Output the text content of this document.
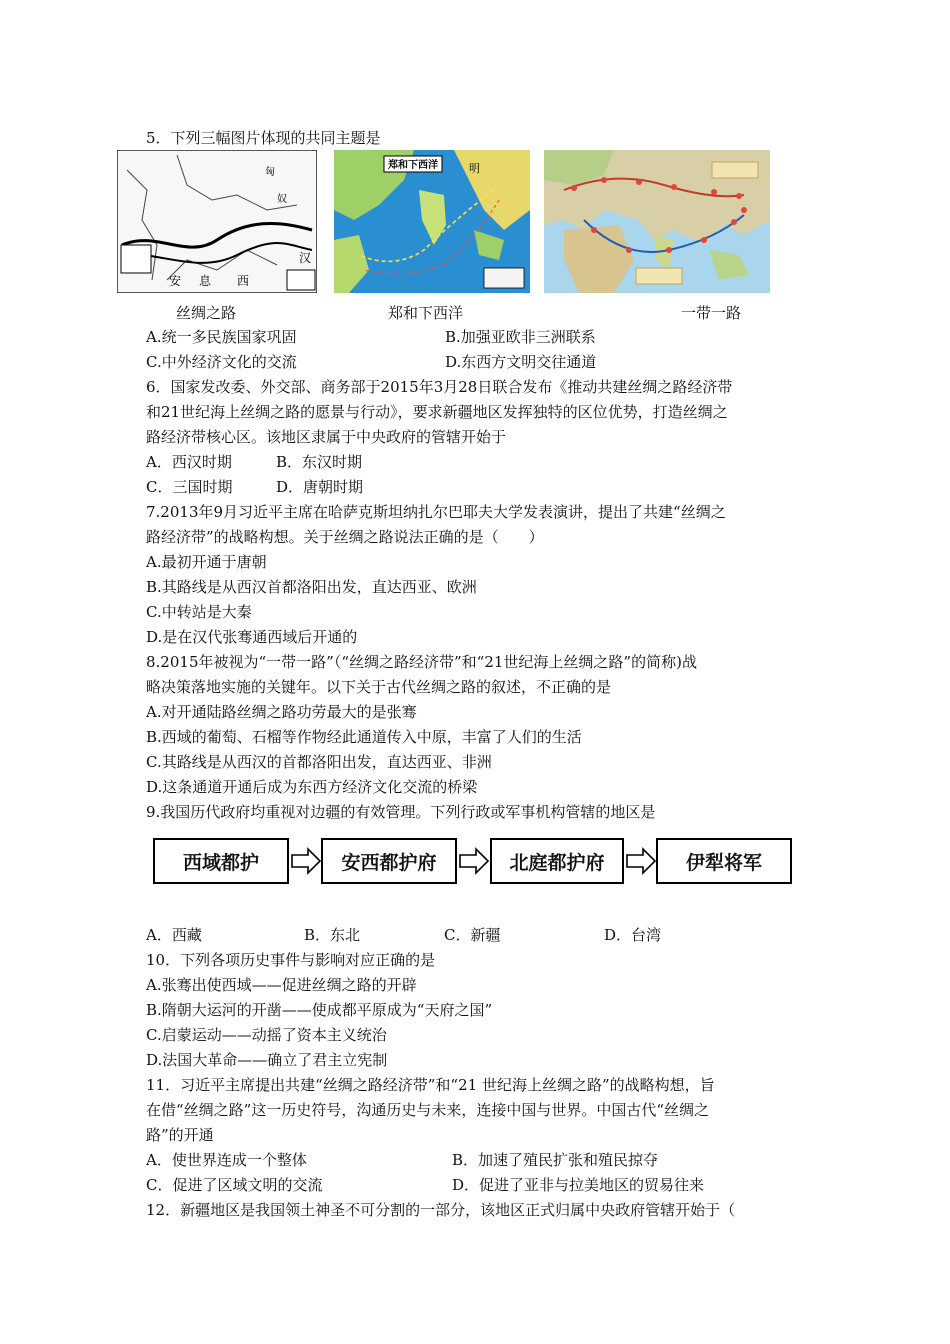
5．下列三幅图片体现的共同主题是
匈
奴
安 息 西
汉
郑和下西洋	明
丝绸之路	郑和下西洋	一带一路
A.统一多民族国家巩固	B.加强亚欧非三洲联系
C.中外经济文化的交流	D.东西方文明交往通道
6．国家发改委、外交部、商务部于2015年3月28日联合发布《推动共建丝绸之路经济带
和21世纪海上丝绸之路的愿景与行动》，要求新疆地区发挥独特的区位优势，打造丝绸之
路经济带核心区。该地区隶属于中央政府的管辖开始于
A．西汉时期	B．东汉时期
C．三国时期	D．唐朝时期
7.2013年9月习近平主席在哈萨克斯坦纳扎尔巴耶夫大学发表演讲，提出了共建“丝绸之
路经济带”的战略构想。关于丝绸之路说法正确的是（　　）
A.最初开通于唐朝
B.其路线是从西汉首都洛阳出发，直达西亚、欧洲
C.中转站是大秦
D.是在汉代张骞通西域后开通的
8.2015年被视为“一带一路”（“丝绸之路经济带”和“21世纪海上丝绸之路”的简称)战
略决策落地实施的关键年。以下关于古代丝绸之路的叙述，不正确的是
A.对开通陆路丝绸之路功劳最大的是张骞
B.西域的葡萄、石榴等作物经此通道传入中原，丰富了人们的生活
C.其路线是从西汉的首都洛阳出发，直达西亚、非洲
D.这条通道开通后成为东西方经济文化交流的桥梁
9.我国历代政府均重视对边疆的有效管理。下列行政或军事机构管辖的地区是
西域都护	安西都护府	北庭都护府	伊犁将军
A．西藏	B．东北	C．新疆	D．台湾
10．下列各项历史事件与影响对应正确的是
A.张骞出使西域——促进丝绸之路的开辟
B.隋朝大运河的开凿——使成都平原成为“天府之国”
C.启蒙运动——动摇了资本主义统治
D.法国大革命——确立了君主立宪制
11．习近平主席提出共建“丝绸之路经济带”和“21 世纪海上丝绸之路”的战略构想，旨
在借“丝绸之路”这一历史符号，沟通历史与未来，连接中国与世界。中国古代“丝绸之
路”的开通
A．使世界连成一个整体	B．加速了殖民扩张和殖民掠夺
C．促进了区域文明的交流	D．促进了亚非与拉美地区的贸易往来
12．新疆地区是我国领土神圣不可分割的一部分，该地区正式归属中央政府管辖开始于（
